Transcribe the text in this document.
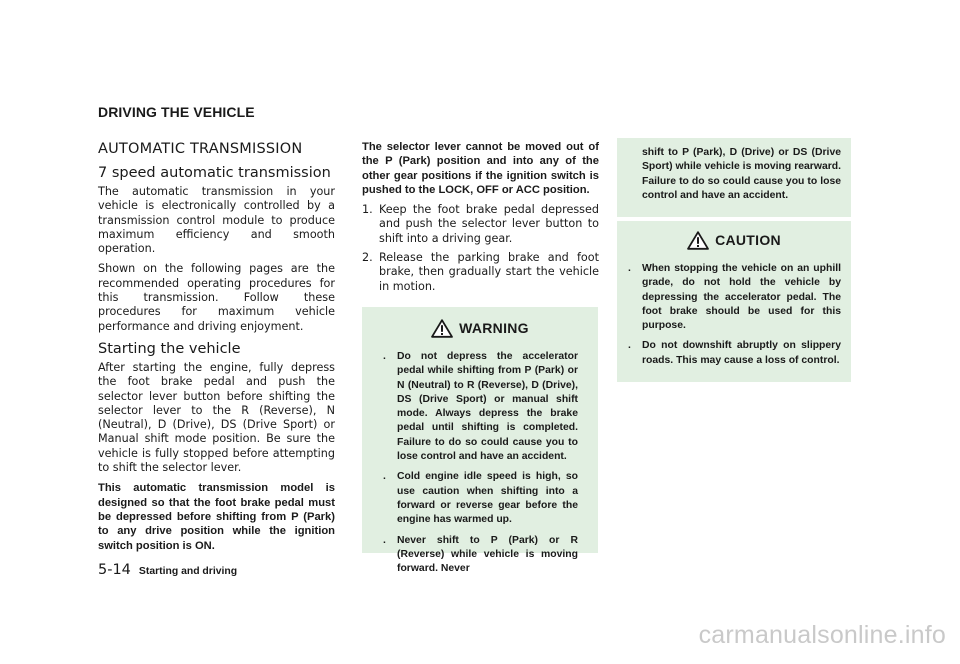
DRIVING THE VEHICLE
AUTOMATIC TRANSMISSION
7 speed automatic transmission

The automatic transmission in your vehicle is electronically controlled by a transmission control module to produce maximum efficiency and smooth operation.

Shown on the following pages are the recommended operating procedures for this transmission. Follow these procedures for maximum vehicle performance and driving enjoyment.

Starting the vehicle

After starting the engine, fully depress the foot brake pedal and push the selector lever button before shifting the selector lever to the R (Reverse), N (Neutral), D (Drive), DS (Drive Sport) or Manual shift mode position. Be sure the vehicle is fully stopped before attempting to shift the selector lever.

This automatic transmission model is designed so that the foot brake pedal must be depressed before shifting from P (Park) to any drive position while the ignition switch position is ON.

The selector lever cannot be moved out of the P (Park) position and into any of the other gear positions if the ignition switch is pushed to the LOCK, OFF or ACC position.

1. Keep the foot brake pedal depressed and push the selector lever button to shift into a driving gear.
2. Release the parking brake and foot brake, then gradually start the vehicle in motion.
WARNING
. Do not depress the accelerator pedal while shifting from P (Park) or N (Neutral) to R (Reverse), D (Drive), DS (Drive Sport) or manual shift mode. Always depress the brake pedal until shifting is completed. Failure to do so could cause you to lose control and have an accident.
. Cold engine idle speed is high, so use caution when shifting into a forward or reverse gear before the engine has warmed up.
. Never shift to P (Park) or R (Reverse) while vehicle is moving forward. Never
shift to P (Park), D (Drive) or DS (Drive Sport) while vehicle is moving rearward. Failure to do so could cause you to lose control and have an accident.
CAUTION
. When stopping the vehicle on an uphill grade, do not hold the vehicle by depressing the accelerator pedal. The foot brake should be used for this purpose.
. Do not downshift abruptly on slippery roads. This may cause a loss of control.
5-14 Starting and driving
carmanualsonline.info
